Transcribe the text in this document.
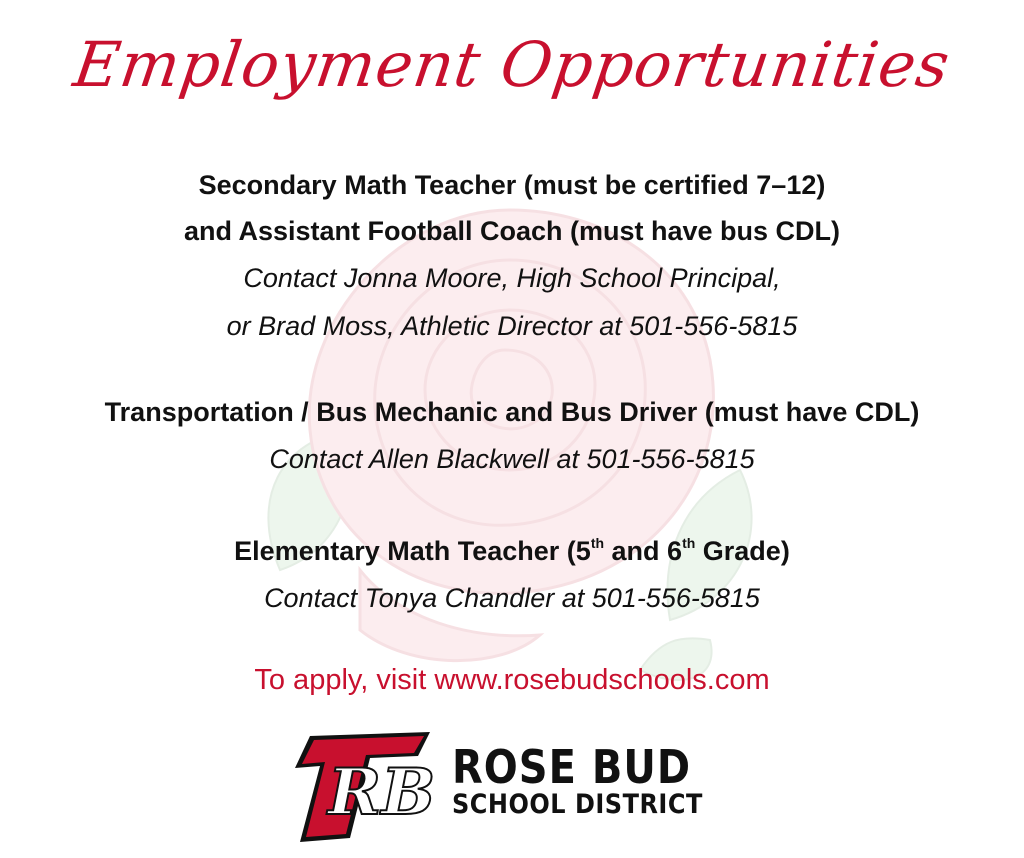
Employment Opportunities
Secondary Math Teacher (must be certified 7–12)
and Assistant Football Coach (must have bus CDL)
Contact Jonna Moore, High School Principal,
or Brad Moss, Athletic Director at 501-556-5815
Transportation / Bus Mechanic and Bus Driver (must have CDL)
Contact Allen Blackwell at 501-556-5815
Elementary Math Teacher (5th and 6th Grade)
Contact Tonya Chandler at 501-556-5815
To apply, visit www.rosebudschools.com
RB ROSE BUD
SCHOOL DISTRICT
